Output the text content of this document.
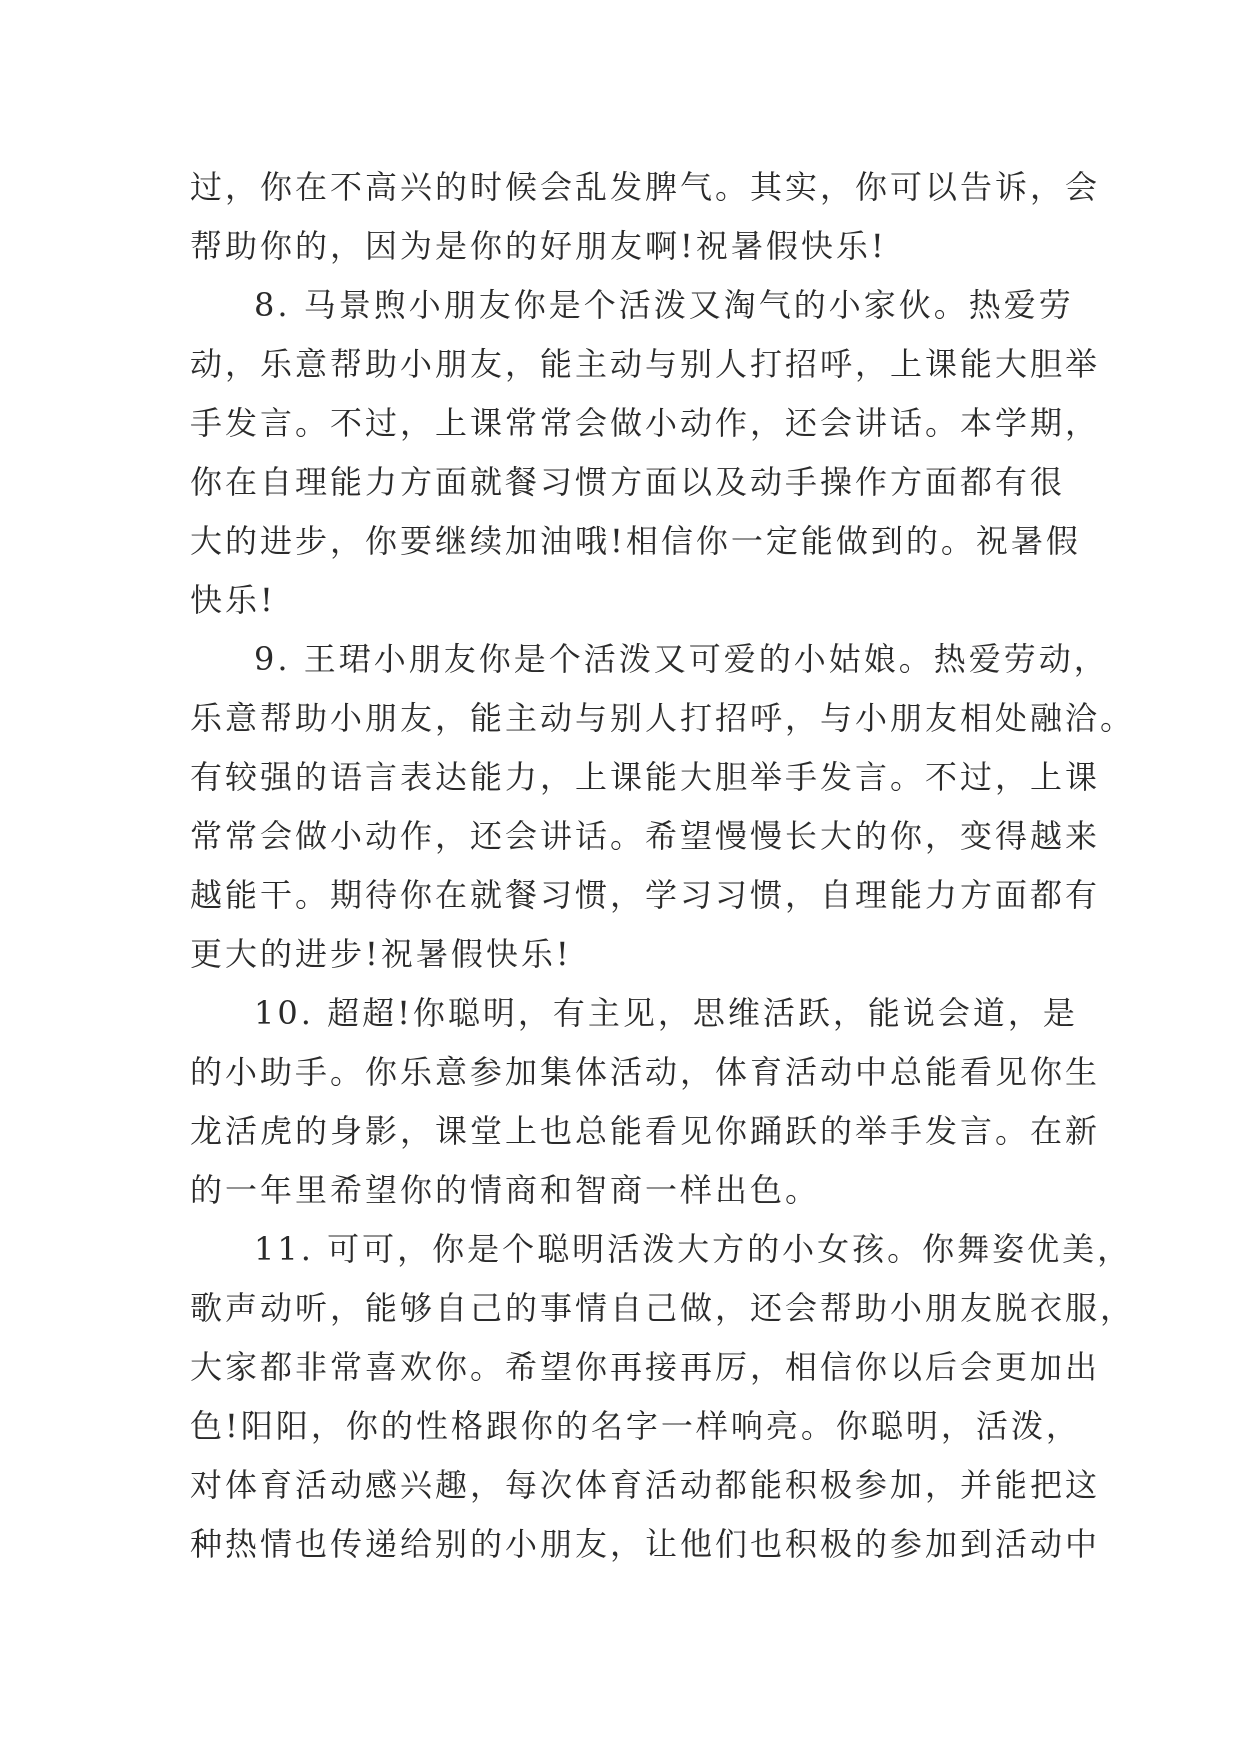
过，你在不高兴的时候会乱发脾气。其实，你可以告诉，会
帮助你的，因为是你的好朋友啊!祝暑假快乐!
8. 马景煦小朋友你是个活泼又淘气的小家伙。热爱劳
动，乐意帮助小朋友，能主动与别人打招呼，上课能大胆举
手发言。不过，上课常常会做小动作，还会讲话。本学期，
你在自理能力方面就餐习惯方面以及动手操作方面都有很
大的进步，你要继续加油哦!相信你一定能做到的。祝暑假
快乐!
9. 王珺小朋友你是个活泼又可爱的小姑娘。热爱劳动，
乐意帮助小朋友，能主动与别人打招呼，与小朋友相处融洽。
有较强的语言表达能力，上课能大胆举手发言。不过，上课
常常会做小动作，还会讲话。希望慢慢长大的你，变得越来
越能干。期待你在就餐习惯，学习习惯，自理能力方面都有
更大的进步!祝暑假快乐!
10. 超超!你聪明，有主见，思维活跃，能说会道，是
的小助手。你乐意参加集体活动，体育活动中总能看见你生
龙活虎的身影，课堂上也总能看见你踊跃的举手发言。在新
的一年里希望你的情商和智商一样出色。
11. 可可，你是个聪明活泼大方的小女孩。你舞姿优美，
歌声动听，能够自己的事情自己做，还会帮助小朋友脱衣服，
大家都非常喜欢你。希望你再接再厉，相信你以后会更加出
色!阳阳，你的性格跟你的名字一样响亮。你聪明，活泼，
对体育活动感兴趣，每次体育活动都能积极参加，并能把这
种热情也传递给别的小朋友，让他们也积极的参加到活动中
